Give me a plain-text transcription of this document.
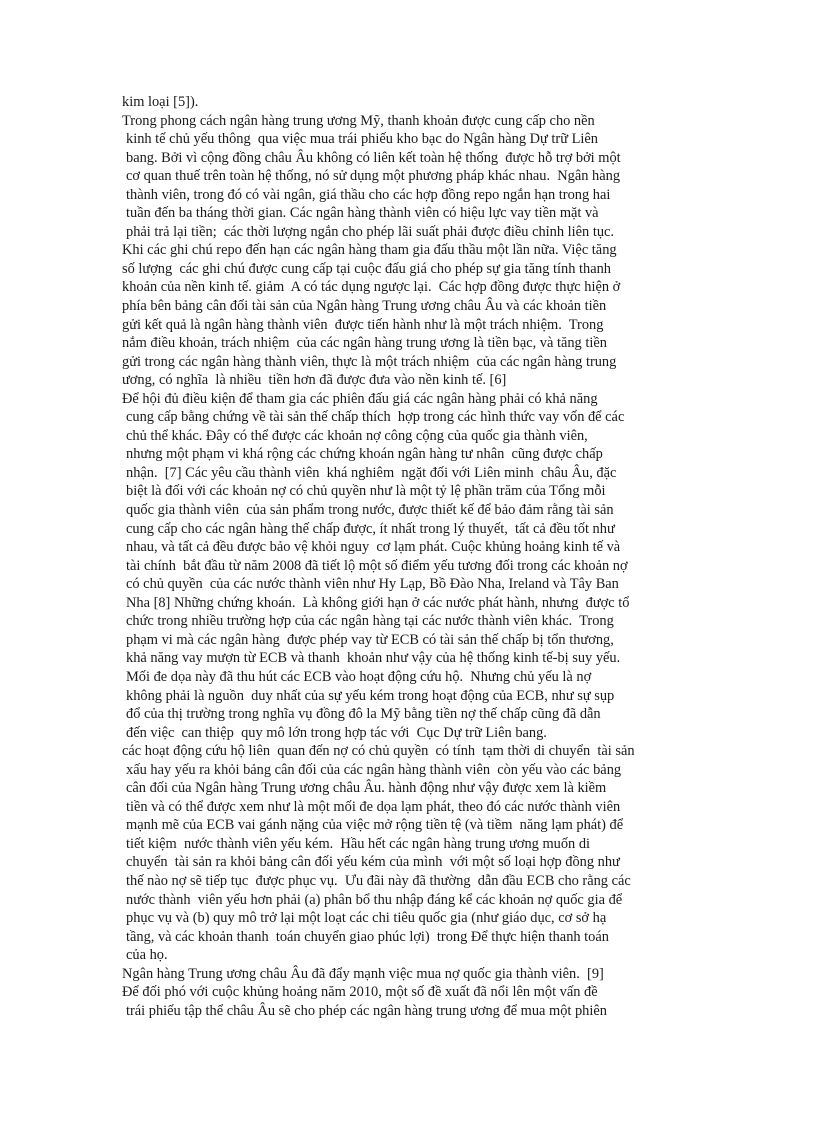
kim loại [5]).
Trong phong cách ngân hàng trung ương Mỹ, thanh khoản được cung cấp cho nền
kinh tế chủ yếu thông  qua việc mua trái phiếu kho bạc do Ngân hàng Dự trữ Liên
bang. Bởi vì cộng đồng châu Âu không có liên kết toàn hệ thống  được hỗ trợ bởi một
cơ quan thuế trên toàn hệ thống, nó sử dụng một phương pháp khác nhau.  Ngân hàng
thành viên, trong đó có vài ngân, giá thầu cho các hợp đồng repo ngắn hạn trong hai
tuần đến ba tháng thời gian. Các ngân hàng thành viên có hiệu lực vay tiền mặt và
phải trả lại tiền;  các thời lượng ngắn cho phép lãi suất phải được điều chỉnh liên tục.
Khi các ghi chú repo đến hạn các ngân hàng tham gia đấu thầu một lần nữa. Việc tăng
số lượng  các ghi chú được cung cấp tại cuộc đấu giá cho phép sự gia tăng tính thanh
khoản của nền kinh tế. giảm  A có tác dụng ngược lại.  Các hợp đồng được thực hiện ở
phía bên bảng cân đối tài sản của Ngân hàng Trung ương châu Âu và các khoản tiền
gửi kết quả là ngân hàng thành viên  được tiến hành như là một trách nhiệm.  Trong
nắm điều khoản, trách nhiệm  của các ngân hàng trung ương là tiền bạc, và tăng tiền
gửi trong các ngân hàng thành viên, thực là một trách nhiệm  của các ngân hàng trung
ương, có nghĩa  là nhiều  tiền hơn đã được đưa vào nền kinh tế. [6]
Để hội đủ điều kiện để tham gia các phiên đấu giá các ngân hàng phải có khả năng
cung cấp bằng chứng về tài sản thế chấp thích  hợp trong các hình thức vay vốn để các
chủ thể khác. Đây có thể được các khoản nợ công cộng của quốc gia thành viên,
nhưng một phạm vi khá rộng các chứng khoán ngân hàng tư nhân  cũng được chấp
nhận.  [7] Các yêu cầu thành viên  khá nghiêm  ngặt đối với Liên minh  châu Âu, đặc
biệt là đối với các khoản nợ có chủ quyền như là một tỷ lệ phần trăm của Tổng mỗi
quốc gia thành viên  của sản phẩm trong nước, được thiết kế để bảo đảm rằng tài sản
cung cấp cho các ngân hàng thế chấp được, ít nhất trong lý thuyết,  tất cả đều tốt như
nhau, và tất cả đều được bảo vệ khỏi nguy  cơ lạm phát. Cuộc khủng hoảng kinh tế và
tài chính  bắt đầu từ năm 2008 đã tiết lộ một số điểm yếu tương đối trong các khoản nợ
có chủ quyền  của các nước thành viên như Hy Lạp, Bồ Đào Nha, Ireland và Tây Ban
Nha [8] Những chứng khoán.  Là không giới hạn ở các nước phát hành, nhưng  được tổ
chức trong nhiều trường hợp của các ngân hàng tại các nước thành viên khác.  Trong
phạm vi mà các ngân hàng  được phép vay từ ECB có tài sản thế chấp bị tổn thương,
khả năng vay mượn từ ECB và thanh  khoản như vậy của hệ thống kinh tế-bị suy yếu.
Mối đe dọa này đã thu hút các ECB vào hoạt động cứu hộ.  Nhưng chủ yếu là nợ
không phải là nguồn  duy nhất của sự yếu kém trong hoạt động của ECB, như sự sụp
đổ của thị trường trong nghĩa vụ đồng đô la Mỹ bằng tiền nợ thế chấp cũng đã dẫn
đến việc  can thiệp  quy mô lớn trong hợp tác với  Cục Dự trữ Liên bang.
các hoạt động cứu hộ liên  quan đến nợ có chủ quyền  có tính  tạm thời di chuyển  tài sản
xấu hay yếu ra khỏi bảng cân đối của các ngân hàng thành viên  còn yếu vào các bảng
cân đối của Ngân hàng Trung ương châu Âu. hành động như vậy được xem là kiềm
tiền và có thể được xem như là một mối đe dọa lạm phát, theo đó các nước thành viên
mạnh mẽ của ECB vai gánh nặng của việc mở rộng tiền tệ (và tiềm  năng lạm phát) để
tiết kiệm  nước thành viên yếu kém.  Hầu hết các ngân hàng trung ương muốn di
chuyển  tài sản ra khỏi bảng cân đối yếu kém của mình  với một số loại hợp đồng như
thế nào nợ sẽ tiếp tục  được phục vụ.  Ưu đãi này đã thường  dẫn đầu ECB cho rằng các
nước thành  viên yếu hơn phải (a) phân bổ thu nhập đáng kể các khoản nợ quốc gia để
phục vụ và (b) quy mô trở lại một loạt các chi tiêu quốc gia (như giáo dục, cơ sở hạ
tầng, và các khoản thanh  toán chuyển giao phúc lợi)  trong Để thực hiện thanh toán
của họ.
Ngân hàng Trung ương châu Âu đã đẩy mạnh việc mua nợ quốc gia thành viên.  [9]
Để đối phó với cuộc khủng hoảng năm 2010, một số đề xuất đã nổi lên một vấn đề
trái phiếu tập thể châu Âu sẽ cho phép các ngân hàng trung ương để mua một phiên
